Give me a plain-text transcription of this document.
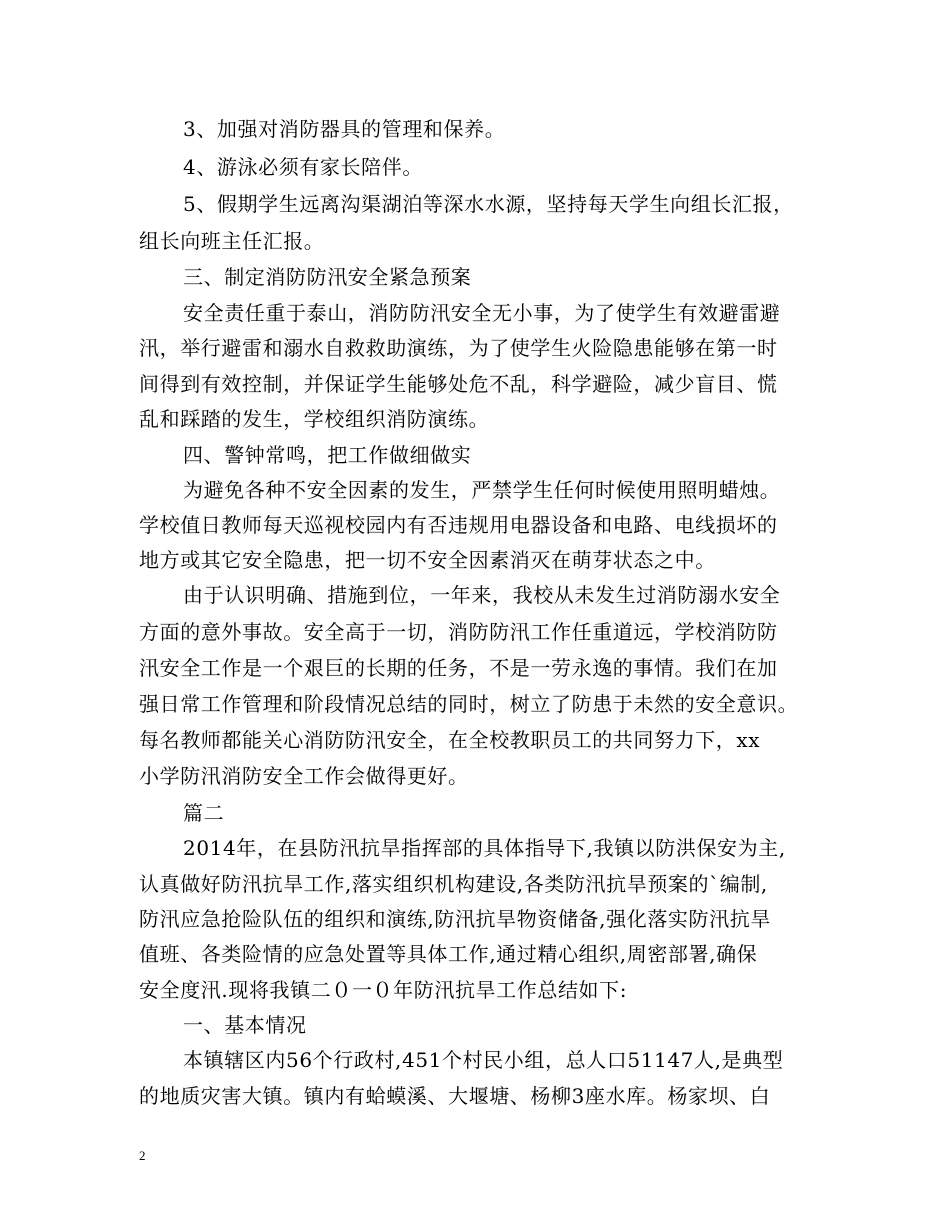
3、加强对消防器具的管理和保养。
4、游泳必须有家长陪伴。
5、假期学生远离沟渠湖泊等深水水源，坚持每天学生向组长汇报，
组长向班主任汇报。
三、制定消防防汛安全紧急预案
安全责任重于泰山，消防防汛安全无小事，为了使学生有效避雷避
汛，举行避雷和溺水自救救助演练，为了使学生火险隐患能够在第一时
间得到有效控制，并保证学生能够处危不乱，科学避险，减少盲目、慌
乱和踩踏的发生，学校组织消防演练。
四、警钟常鸣，把工作做细做实
为避免各种不安全因素的发生，严禁学生任何时候使用照明蜡烛。
学校值日教师每天巡视校园内有否违规用电器设备和电路、电线损坏的
地方或其它安全隐患，把一切不安全因素消灭在萌芽状态之中。
由于认识明确、措施到位，一年来，我校从未发生过消防溺水安全
方面的意外事故。安全高于一切，消防防汛工作任重道远，学校消防防
汛安全工作是一个艰巨的长期的任务，不是一劳永逸的事情。我们在加
强日常工作管理和阶段情况总结的同时，树立了防患于未然的安全意识。
每名教师都能关心消防防汛安全，在全校教职员工的共同努力下，xx
小学防汛消防安全工作会做得更好。
篇二
2014年，在县防汛抗旱指挥部的具体指导下,我镇以防洪保安为主,
认真做好防汛抗旱工作,落实组织机构建设,各类防汛抗旱预案的`编制,
防汛应急抢险队伍的组织和演练,防汛抗旱物资储备,强化落实防汛抗旱
值班、各类险情的应急处置等具体工作,通过精心组织,周密部署,确保
安全度汛.现将我镇二０一０年防汛抗旱工作总结如下:
一、基本情况
本镇辖区内56个行政村,451个村民小组，总人口51147人,是典型
的地质灾害大镇。镇内有蛤蟆溪、大堰塘、杨柳3座水库。杨家坝、白
2
